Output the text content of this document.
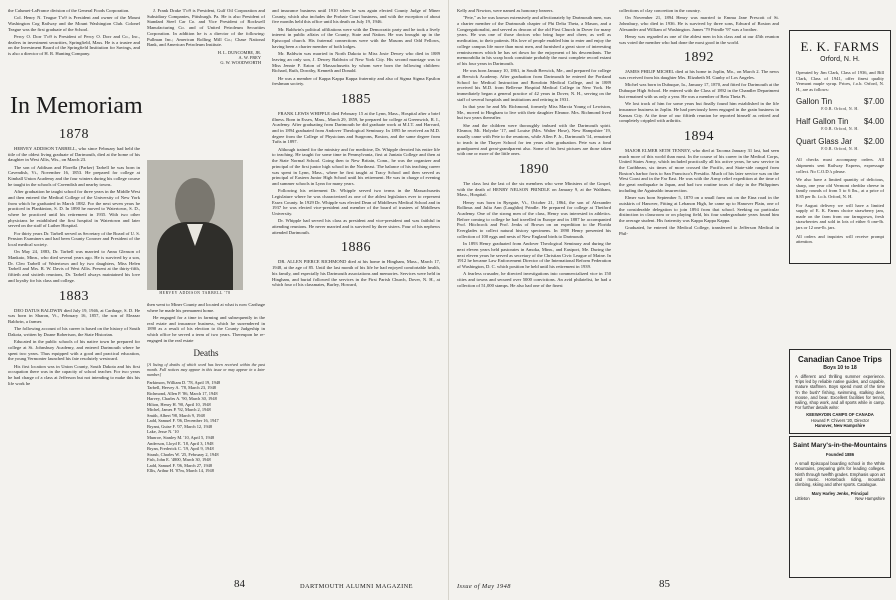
the Calumet-LaFrance division of the General Foods Corporation.

Col. Henry N. Teague T'o9 is President and owner of the Mount Washington Cog Railway and the Mount Washington Club. Colonel Teague was the first graduate of the School.

Percy O. Dorr T'o9 is President of Percy O. Dorr and Co., Inc., dealers in investment securities, Springfield, Mass. He is a trustee and on the Investment Board of the Springfield Institution for Savings, and is also a director of H. R. Hunting Company.

J. Frank Drake T'o9 is President, Gulf Oil Corporation and Subsidiary Companies, Pittsburgh. Pa. He is also President of Standard Steel Car Co. and Vice President of Rockwell Manufacturing Co. and of United Petroleum Securities Corporation. In addition he is a director of the following: Pullman Inc.; American Rolling Mill Co.; Chase National Bank, and American Petroleum Institute.

H. L. DUNCOMBE, JR.
A. W. FREY
G. W. WOODWORTH
In Memoriam
1878

HERVEY ADDISON TARBELL, who since February had held the title of the oldest living graduate of Dartmouth, died at the home of his daughter in West Allis, Wis., on March 23.

The son of Addison and Florella (Parker) Tarbell he was born in Cavendish, Vt., November 16, 1853. He prepared for college at Kimball Union Academy and the four winters during his college course he taught in the schools of Cavendish and nearby towns.

After graduation he taught school for three years in the Middle West and then entered the Medical College of the University of New York from which he graduated in March 1882. For the next seven years he practiced in Plankinton, S. D. In 1890 he moved to Watertown, S. D., where he practiced until his retirement in 1935. With two other physicians he established the first hospital in Watertown and later served on the staff of Luther Hospital.

For thirty years Dr. Tarbell served as Secretary of the Board of U. S. Pension Examiners and had been County Coroner and President of the local medical society.

On May 24, 1883, Dr. Tarbell was married to Anna Gleason of Mankato, Minn., who died several years ago. He is survived by a son, Dr. Cleo Tarbell of Watertown and by two daughters, Miss Helen Tarbell and Mrs. R. W. Davis of West Allis. Present at the thirty-fifth, fiftieth and sixtieth reunions, Dr. Tarbell always maintained his love and loyalty for his class and college.

1883

DEO DATUS BALDWIN died July 19, 1946, at Carthage, S. D. He was born in Sharon, Vt., February 16, 1857, the son of Eleazar Baldwin, a farmer.

The following account of his career is based on the history of South Dakota, written by Doane Robertson, the State Historian.

Educated in the public schools of his native town he prepared for college at St. Johnsbury Academy, and entered Dartmouth where he spent two years. Thus equipped with a good and practical education, the young Vermonter launched his fate resolutely westward.

His first location was in Union County, South Dakota and his first occupation there was in the capacity of school teacher. For two years he had charge of a class at Jefferson but not intending to make this his life work he

HERVEY ADDISON TARBELL '78

then went to Miner County and located at what is now Carthage where he made his permanent home.

He engaged for a time in farming and subsequently in the real estate and insurance business, which he surrendered in 1890 as a result of his election to the County Judgeship in which office he served a term of two years. Thereupon he re-engaged in the real estate

Deaths
[A listing of deaths of which word has been received within the past month. Full notices may appear in this issue or may appear in a later number.]
Parkinson, William D. '78, April 19, 1948
Tarbell, Hervey A. '78, March 23, 1948
Richmond, Allen P. '86, March 17, 1948
Harvey, Charles A. '90, March 30, 1948
Hilton, Henry H. '90, April 10, 1948
Michel, James P. '92, March 2, 1948
Smith, Albert '98, March 9, 1948
Ladd, Samuel F. '06, December 16, 1947
Bryant, Guise F. '07, March 12, 1948
Lake, Jesse N. '10
Munroe, Stanley M. '10, April 5, 1948
Anderson, Lloyd E. '18, April 3, 1948
Bryan, Frederick C. '19, April 9, 1948
Straub, Charles W. '25, February 2, 1948
Fish, John E. '4800, March 30, 1948
Ladd, Samuel F. '06, March 27, 1948
Ellis, Arthur H. '07m, March 14, 1948

and insurance business until 1910 when he was again elected County Judge of Miner County, which also includes the Probate Court business, and with the exception of about five months held this office until his death on July 19, 1946.

Mr. Baldwin's political affiliations were with the Democratic party and he took a lively interest in public affairs of the County, State and Nation. He was brought up in the Episcopal church. His fraternal connections were with the Masons and Odd Fellows, having been a charter member of both lodges.

Mr. Baldwin was married in North Dakota to Miss Josie Dewey who died in 1889 leaving an only son, J. Dewey Baldwin of New York City. His second marriage was to Miss Jennie F. Eaton of Massachusetts by whom were born the following children: Richard, Ruth, Dorothy, Kenneth and Donald.

He was a member of Kappa Kappa Kappa fraternity and also of Sigma Sigma Epsilon freshman society.

1885

FRANK LEWIS WHIPPLE died February 15 at the Lynn, Mass., Hospital after a brief illness. Born in Essex, Mass., March 29, 1859, he prepared for college at Greenwich, R. I., Academy. After graduating from Dartmouth he did graduate work at M.I.T. and Harvard, and in 1894 graduated from Andover Theological Seminary. In 1895 he received an M.D. degree from the College of Physicians and Surgeons, Boston, and the same degree from Tufts in 1897.

Although trained for the ministry and for medicine, Dr. Whipple devoted his entire life to teaching. He taught for some time in Pennsylvania, first at Juniata College and then at the State Normal School. Going then to New Britain, Conn., he was the organizer and principal of the first junior high school in the Northeast. The balance of his teaching career was spent in Lynn, Mass., where he first taught at Tracy School and then served as principal of Eastern Junior High School until his retirement. He was in charge of evening and summer schools in Lynn for many years.

Following his retirement Dr. Whipple served two terms in the Massachusetts Legislature where he was characterized as one of the ablest legislators ever to represent Essex County. In 1929 Dr. Whipple was elected Dean of Middlesex Medical School and in 1937 he was elected vice-president and member of the board of trustees of Middlesex University.

Dr. Whipple had served his class as president and vice-president and was faithful in attending reunions. He never married and is survived by three sisters. Four of his nephews attended Dartmouth.

1886

DR. ALLEN PIERCE RICHMOND died at his home in Hingham, Mass., March 17, 1948, at the age of 85. Until the last month of his life he had enjoyed comfortable health, his family, and especially his Dartmouth associations and memories. Services were held in Hingham, and burial followed the services in the First Parish Church, Dover, N. H., at which four of his classmates, Burley, Howard,

84	DARTMOUTH ALUMNI MAGAZINE

Kelly and Newton, were named as honorary bearers.

"Pete," as he was known extensively and affectionately by Dartmouth men, was a charter member of the Dartmouth chapter of Phi Delta Theta, a Mason, and a Congregationalist, and served as deacon of the old First Church in Dover for many years. He was one of those doctors who bring hope and cheer, as well as medication, to their patients. His love of people enabled him to enter and enjoy the college campus life more than most men, and furnished a great store of interesting reminiscences which he has set down for the enjoyment of his descendants. The memorabilia in his scrap book constitute probably the most complete record extant of his four years in Dartmouth.

He was born January 10, 1861, in South Berwick, Me., and prepared for college at Berwick Academy. After graduation from Dartmouth he entered the Portland School for Medical Instruction and Bowdoin Medical College, and in 1889 received his M.D. from Bellevue Hospital Medical College in New York. He immediately began a general practice of 42 years in Dover, N. H., serving on the staff of several hospitals and institutions and retiring in 1931.

In that year he and Mr. Richmond, formerly Miss Marcia Young of Lewiston, Me., moved to Hingham to live with their daughter Eleanor. Mrs. Richmond lived but two years thereafter.

She and the children were thoroughly imbued with the Dartmouth spirit. Eleanor, Mt. Holyoke '17, and Louise (Mrs. Walter Hose), New Hampshire '19, usually came with Pete to the reunions, while Allen P. Jr., Dartmouth '14, remained to teach in the Thayer School for ten years after graduation. Pete was a fond grandparent and great-grandparent also. Some of his best pictures are those taken with one or more of the little ones.

1890

The class lost the last of the six members who were Ministers of the Gospel, with the death of HENRY NELSON PRINDLE on January 9, at the Waltham, Mass., Hospital.

Henry was born in Ryegate, Vt., October 21, 1864, the son of Alexander Rollinus and Julia Ann (Laughlin) Prindle. He prepared for college at Thetford Academy. One of the strong men of the class, Henry was interested in athletics. Before coming to college he had travelled in Europe and in 1887 he accompanied Prof. Hitchcock and Prof. Jenks of Brown on an expedition to the Florida Everglades to collect natural history specimens. In 1890 Henry presented his collection of 100 eggs and nests of New England birds to Dartmouth.

In 1893 Henry graduated from Andover Theological Seminary and during the next eleven years held pastorates in Amoka, Minn., and Eastport, Me. During the next eleven years he served as secretary of the Christian Civic League of Maine. In 1912 he became Law Enforcement Director of the International Reform Federation of Washington, D. C. which position he held until his retirement in 1939.

A fearless crusader, he directed investigations into commercialized vice in 150 cities and towns and secured over 5000 convictions. An avid philatelist, he had a collection of 51,000 stamps. He also had one of the finest

collections of clay concretion in the country.

On November 21, 1894 Henry was married to Emma Jane Prescott of St. Johnsbury, who died in 1936. He is survived by three sons, Edward of Boston and Alexander and William of Washington. James '79 Prindle '97 was a brother.

Henry was regarded as one of the ablest men in his class and at our 45th reunion was voted the member who had done the most good in the world.

1892

JAMES PHILIP MICHEL died at his home in Joplin, Mo., on March 2. The news was received from his daughter Mrs. Elizabeth M. Gunby of Los Angeles.

Michel was born in Dubuque, Ia., January 17, 1870, and fitted for Dartmouth at the Dubuque High School. He entered with the Class of 1892 in the Chandler Department but remained with us only a year. He was a member of Beta Theta Pi.

We lost track of him for some years but finally found him established in the life insurance business in Joplin. He had previously been engaged in the grain business in Kansas City. At the time of our fiftieth reunion he reported himself as retired and completely crippled with arthritis.

1894

MAJOR ELMER SETH TENNEY, who died at Tacoma January 31 last, had seen much more of this world than most. In the course of his career in the Medical Corps, United States Army, which included practically all his active years, he saw service in the Caribbean, six times of more crossed the Pacific, and State-side ranged from Boston's harbor forts to San Francisco's Presidio. Much of his later service was on the West Coast and in the Far East. He was with the Army relief expedition at the time of the great earthquake in Japan, and had two routine tours of duty in the Philippines including the Aguinaldo insurrection.

Elmer was born September 5, 1870 on a small farm out on the Etna road in the outskirts of Hanover, Fitting at Lebanon High, he came up to Hanover Plain, one of the considerable delegation to join 1894 from that school. Seeking no particular distinction in classroom or on playing field, his four undergraduate years found him the average student. His fraternity was Kappa Kappa Kappa.

Graduated, he entered the Medical College, transferred to Jefferson Medical in Phil-

E. K. FARMS
Orford, N. H.
Operated by Jim Clark, Class of 1936, and Bill Clark, Class of 1941, offer finest quality Vermont maple syrup. Prices, f.o.b. Orford, N. H., are as follows:
Gallon Tin	$7.00
F.O.B. Orford, N. H.
Half Gallon Tin $4.00
F.O.B. Orford, N. H.
Quart Glass Jar $2.00
F.O.B. Orford, N. H.
All checks must accompany orders. All shipments sent Railway Express, expressage collect. No C.O.D.'s please.
We also have a limited quantity of delicious, sharp, one year old Vermont cheddar cheese in family rounds of from 5 to 6 lbs., at a price of $.85 per lb. f.o.b. Orford, N. H.
For August delivery we will have a limited supply of E. K. Farms choice strawberry jam, made on the farm from our farmgrown, fresh strawberries and sold in lots of either 6 one-lb. jars or 12 one-lb. jars.
All orders and inquiries will receive prompt attention.
Canadian Canoe Trips
Boys 10 to 18
A different and thrilling summer experience. Trips led by reliable native guides, and capable, mature staffmen. Boys spend most of the time "in the bush" fishing, swimming, stalking deer, moose, and bear. Excellent facilities for tennis, sailing, shop work, and all sports while in camp. For further details write:
KEEWAYDIN CAMPS OF CANADA
Howard P. Chivers '20, Director
Hanover, New Hampshire
Saint Mary's-in-the-Mountains
Founded 1886
A small Episcopal boarding school in the White Mountains, preparing girls for leading colleges. Ninth through twelfth grades. Emphasis upon art and music. Horseback riding, mountain climbing, skiing and other sports. Catalogue.
Mary Harley Jenks, Principal
Littleton	New Hampshire
Issue of May 1948	85
